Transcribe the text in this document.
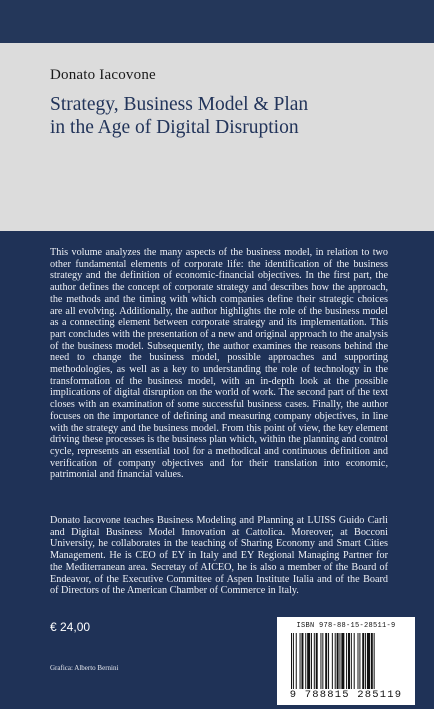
Donato Iacovone
Strategy, Business Model & Plan
in the Age of Digital Disruption

This volume analyzes the many aspects of the business model, in relation to two other fundamental elements of corporate life: the identification of the business strategy and the definition of economic-financial objectives. In the first part, the author defines the concept of corporate strategy and describes how the approach, the methods and the timing with which companies define their strategic choices are all evolving. Additionally, the author highlights the role of the business model as a connecting element between corporate strategy and its implementation. This part concludes with the presentation of a new and original approach to the analysis of the business model. Subsequently, the author examines the reasons behind the need to change the business model, possible approaches and supporting methodologies, as well as a key to understanding the role of technology in the transformation of the business model, with an in-depth look at the possible implications of digital disruption on the world of work. The second part of the text closes with an examination of some successful business cases. Finally, the author focuses on the importance of defining and measuring company objectives, in line with the strategy and the business model. From this point of view, the key element driving these processes is the business plan which, within the planning and control cycle, represents an essential tool for a methodical and continuous definition and verification of company objectives and for their translation into economic, patrimonial and financial values.

Donato Iacovone teaches Business Modeling and Planning at LUISS Guido Carli and Digital Business Model Innovation at Cattolica. Moreover, at Bocconi University, he collaborates in the teaching of Sharing Economy and Smart Cities Management. He is CEO of EY in Italy and EY Regional Managing Partner for the Mediterranean area. Secretay of AICEO, he is also a member of the Board of Endeavor, of the Executive Committee of Aspen Institute Italia and of the Board of Directors of the American Chamber of Commerce in Italy.

€ 24,00
Grafica: Alberto Bernini
ISBN 978-88-15-28511-9
9 788815 285119
